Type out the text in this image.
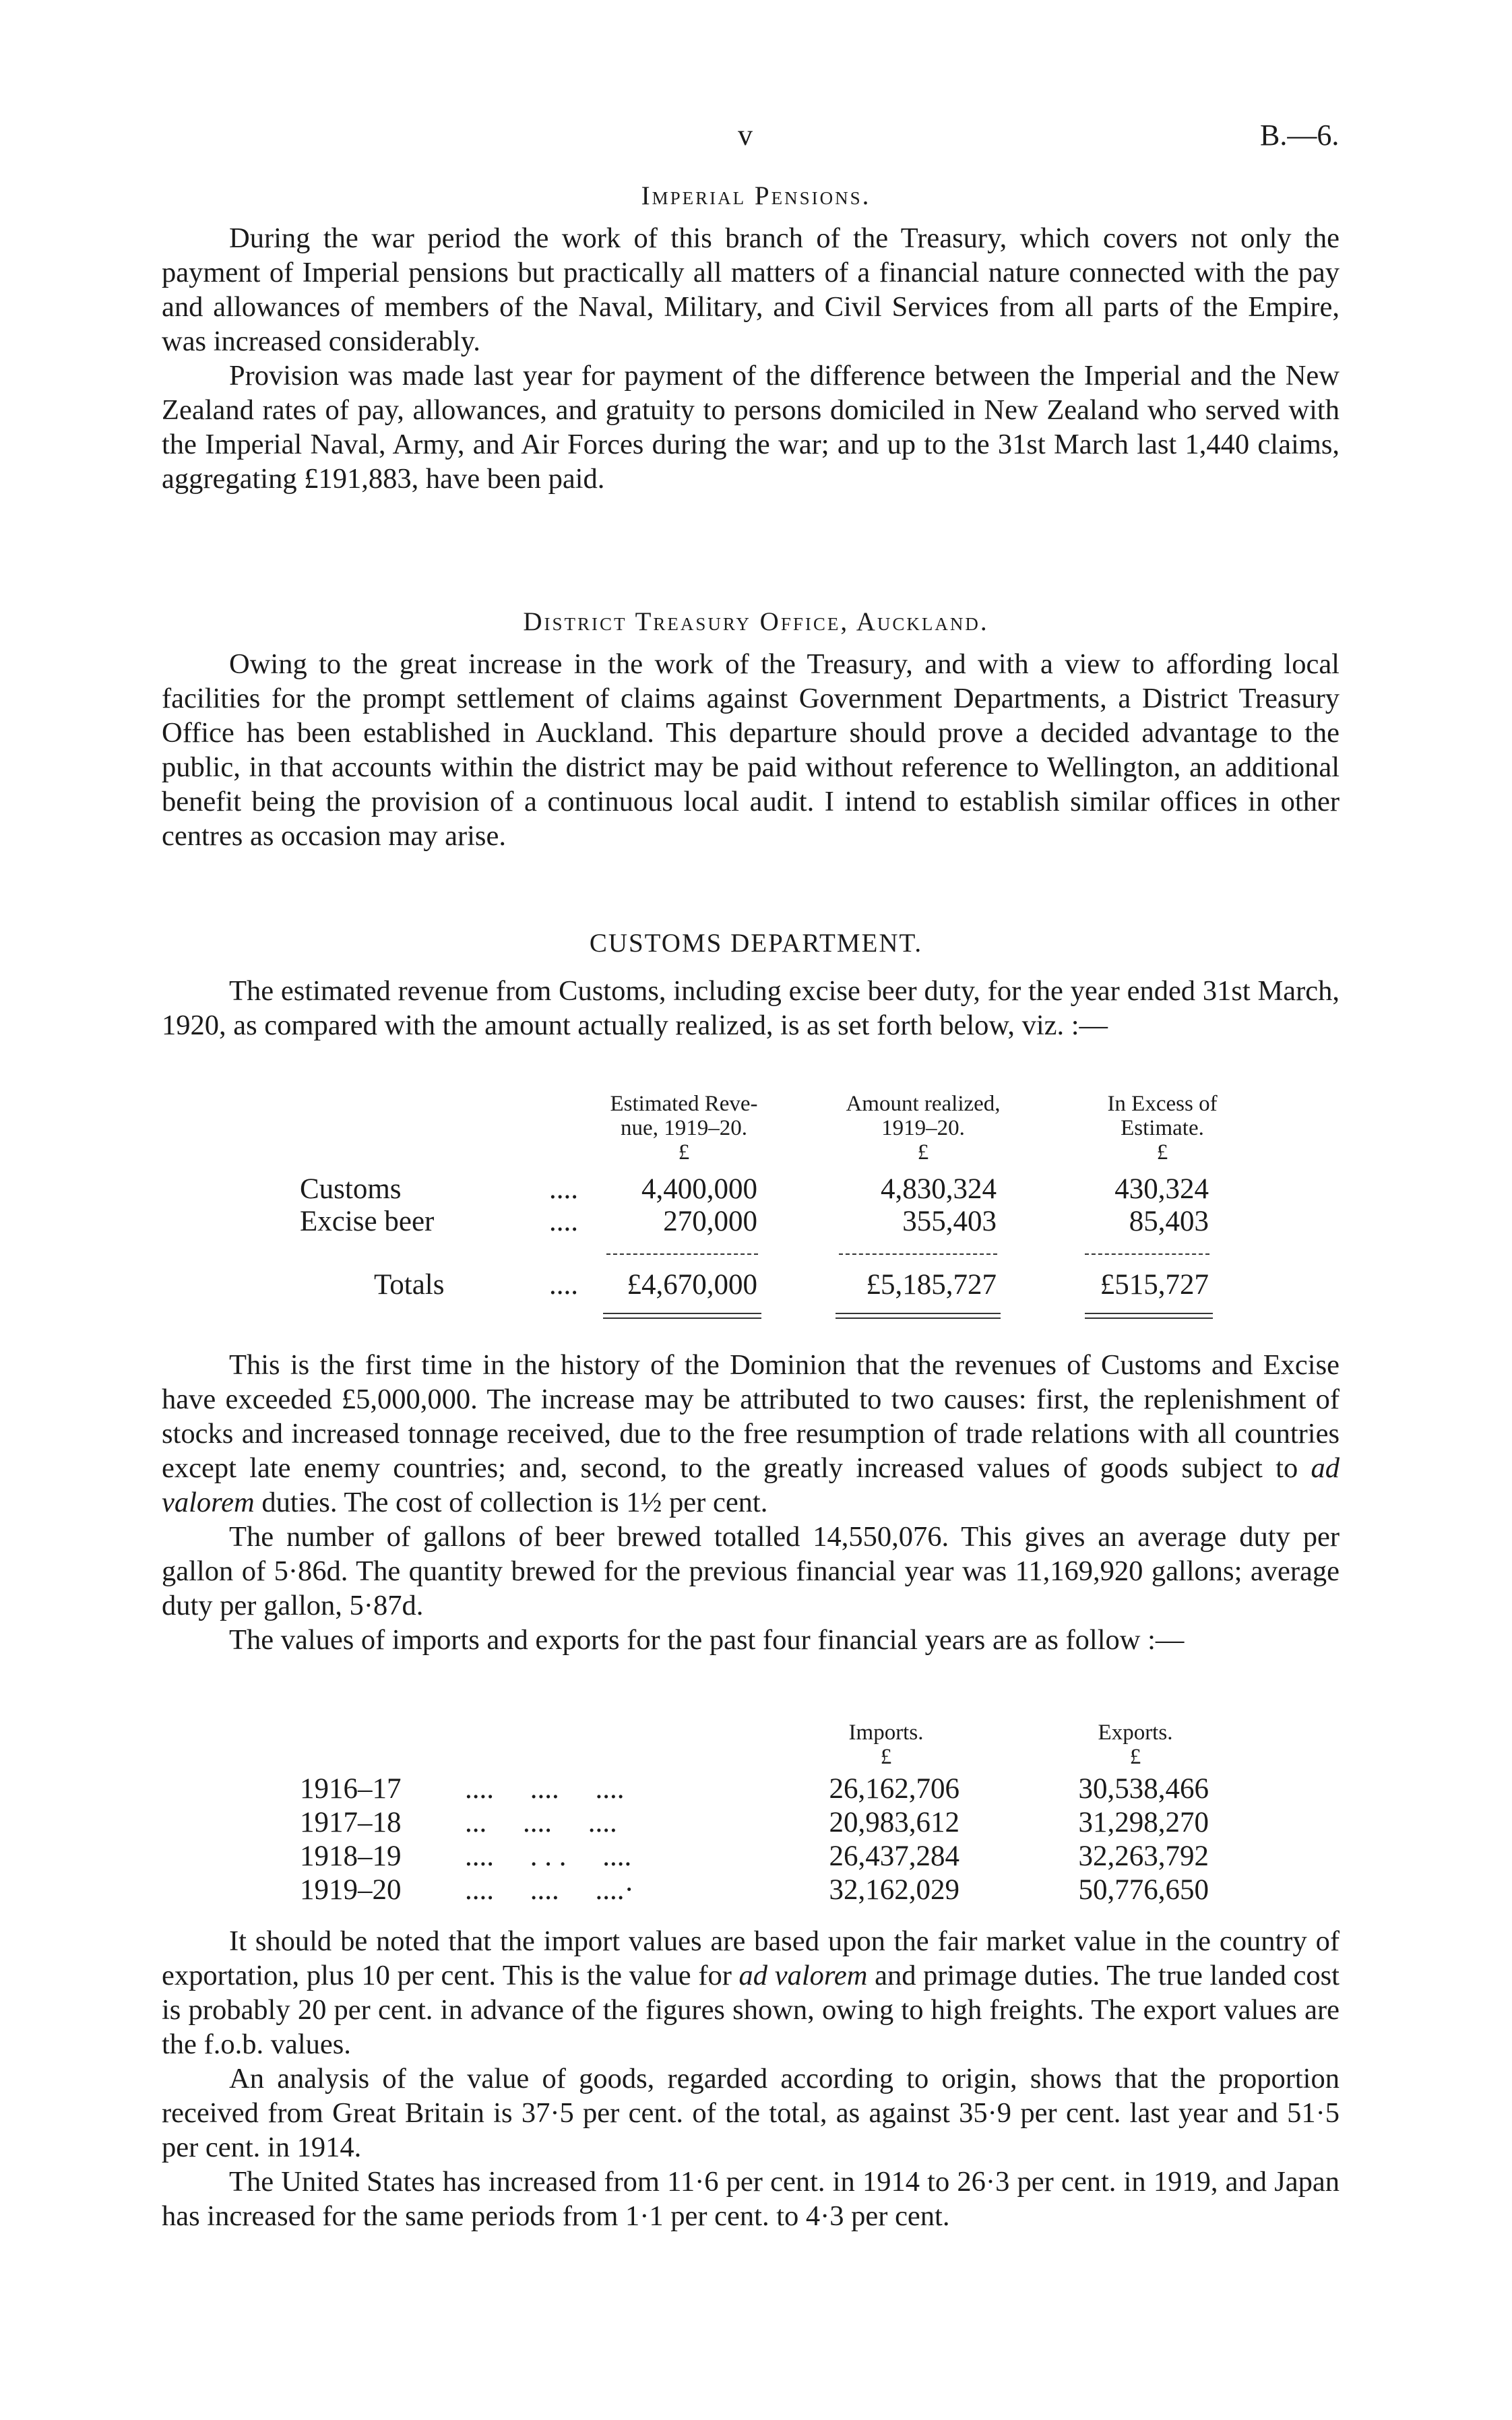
v	B.—6.
Imperial Pensions.

During the war period the work of this branch of the Treasury, which covers not only the payment of Imperial pensions but practically all matters of a financial nature connected with the pay and allowances of members of the Naval, Military, and Civil Services from all parts of the Empire, was increased considerably.

Provision was made last year for payment of the difference between the Imperial and the New Zealand rates of pay, allowances, and gratuity to persons domiciled in New Zealand who served with the Imperial Naval, Army, and Air Forces during the war; and up to the 31st March last 1,440 claims, aggregating £191,883, have been paid.

District Treasury Office, Auckland.

Owing to the great increase in the work of the Treasury, and with a view to affording local facilities for the prompt settlement of claims against Government Departments, a District Treasury Office has been established in Auckland. This departure should prove a decided advantage to the public, in that accounts within the district may be paid without reference to Wellington, an additional benefit being the provision of a continuous local audit. I intend to establish similar offices in other centres as occasion may arise.

CUSTOMS DEPARTMENT.

The estimated revenue from Customs, including excise beer duty, for the year ended 31st March, 1920, as compared with the amount actually realized, is as set forth below, viz. :—

Estimated Reve-
nue, 1919–20.
£
Amount realized,
1919–20.
£
In Excess of
Estimate.
£
Customs	.... 4,400,000	4,830,324	430,324
Excise beer	....	270,000	355,403	85,403
Totals	.... £4,670,000	£5,185,727	£515,727

This is the first time in the history of the Dominion that the revenues of Customs and Excise have exceeded £5,000,000. The increase may be attributed to two causes: first, the replenishment of stocks and increased tonnage received, due to the free resumption of trade relations with all countries except late enemy countries; and, second, to the greatly increased values of goods subject to ad valorem duties. The cost of collection is 1½ per cent.

The number of gallons of beer brewed totalled 14,550,076. This gives an average duty per gallon of 5·86d. The quantity brewed for the previous financial year was 11,169,920 gallons; average duty per gallon, 5·87d.

The values of imports and exports for the past four financial years are as follow :—

Imports.
£
Exports.
£
1916–17 ....     ....     ....	26,162,706	30,538,466
1917–18 ...     ....     ....	20,983,612	31,298,270
1918–19 ....     . . .     ....	26,437,284	32,263,792
1919–20 ....     ....     ....·	32,162,029	50,776,650

It should be noted that the import values are based upon the fair market value in the country of exportation, plus 10 per cent. This is the value for ad valorem and primage duties. The true landed cost is probably 20 per cent. in advance of the figures shown, owing to high freights. The export values are the f.o.b. values.

An analysis of the value of goods, regarded according to origin, shows that the proportion received from Great Britain is 37·5 per cent. of the total, as against 35·9 per cent. last year and 51·5 per cent. in 1914.

The United States has increased from 11·6 per cent. in 1914 to 26·3 per cent. in 1919, and Japan has increased for the same periods from 1·1 per cent. to 4·3 per cent.
